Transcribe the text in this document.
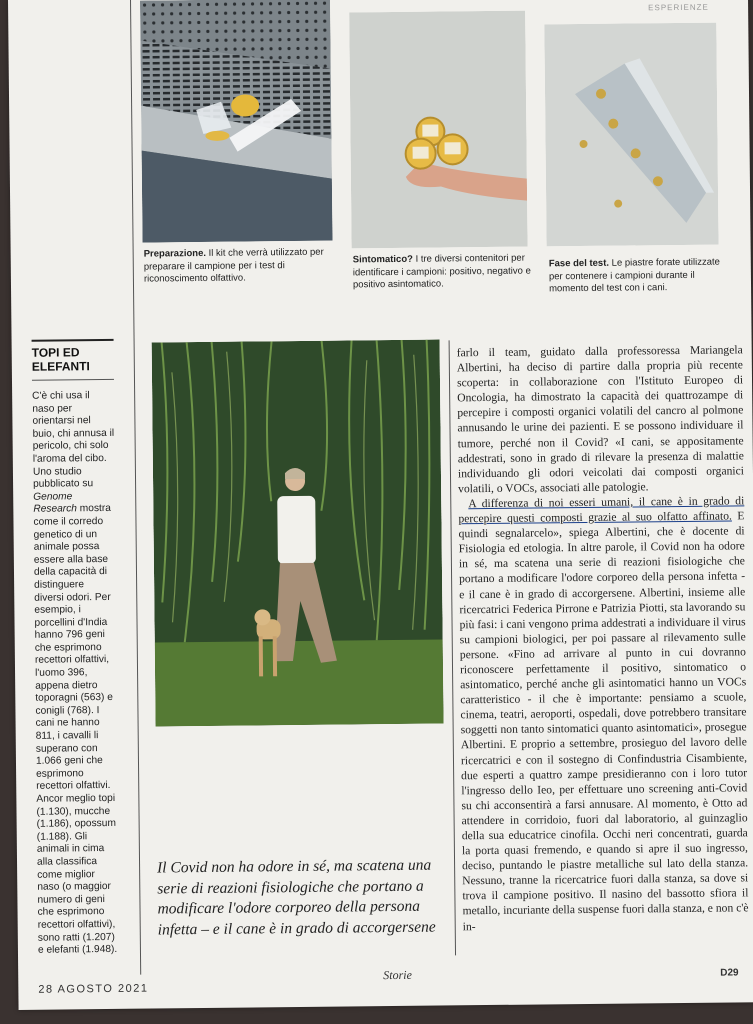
ESPERIENZE
Preparazione. Il kit che verrà utilizzato per preparare il campione per i test di riconoscimento olfattivo.
Sintomatico? I tre diversi contenitori per identificare i campioni: positivo, negativo e positivo asintomatico.
Fase del test. Le piastre forate utilizzate per contenere i campioni durante il momento del test con i cani.
TOPI ED ELEFANTI
C'è chi usa il naso per orientarsi nel buio, chi annusa il pericolo, chi solo l'aroma del cibo. Uno studio pubblicato su Genome Research mostra come il corredo genetico di un animale possa essere alla base della capacità di distinguere diversi odori. Per esempio, i porcellini d'India hanno 796 geni che esprimono recettori olfattivi, l'uomo 396, appena dietro toporagni (563) e conigli (768). I cani ne hanno 811, i cavalli li superano con 1.066 geni che esprimono recettori olfattivi. Ancor meglio topi (1.130), mucche (1.186), opossum (1.188). Gli animali in cima alla classifica come miglior naso (o maggior numero di geni che esprimono recettori olfattivi), sono ratti (1.207) e elefanti (1.948).

farlo il team, guidato dalla professoressa Mariangela Albertini, ha deciso di partire dalla propria più recente scoperta: in collaborazione con l'Istituto Europeo di Oncologia, ha dimostrato la capacità dei quattrozampe di percepire i composti organici volatili del cancro al polmone annusando le urine dei pazienti. E se possono individuare il tumore, perché non il Covid? «I cani, se appositamente addestrati, sono in grado di rilevare la presenza di malattie individuando gli odori veicolati dai composti organici volatili, o VOCs, associati alle patologie.

A differenza di noi esseri umani, il cane è in grado di percepire questi composti grazie al suo olfatto affinato. E quindi segnalarcelo», spiega Albertini, che è docente di Fisiologia ed etologia. In altre parole, il Covid non ha odore in sé, ma scatena una serie di reazioni fisiologiche che portano a modificare l'odore corporeo della persona infetta - e il cane è in grado di accorgersene. Albertini, insieme alle ricercatrici Federica Pirrone e Patrizia Piotti, sta lavorando su più fasi: i cani vengono prima addestrati a individuare il virus su campioni biologici, per poi passare al rilevamento sulle persone. «Fino ad arrivare al punto in cui dovranno riconoscere perfettamente il positivo, sintomatico o asintomatico, perché anche gli asintomatici hanno un VOCs caratteristico - il che è importante: pensiamo a scuole, cinema, teatri, aeroporti, ospedali, dove potrebbero transitare soggetti non tanto sintomatici quanto asintomatici», prosegue Albertini. E proprio a settembre, prosieguo del lavoro delle ricercatrici e con il sostegno di Confindustria Cisambiente, due esperti a quattro zampe presidieranno con i loro tutor l'ingresso dello Ieo, per effettuare uno screening anti-Covid su chi acconsentirà a farsi annusare. Al momento, è Otto ad attendere in corridoio, fuori dal laboratorio, al guinzaglio della sua educatrice cinofila. Occhi neri concentrati, guarda la porta quasi fremendo, e quando si apre il suo ingresso, deciso, puntando le piastre metalliche sul lato della stanza. Nessuno, tranne la ricercatrice fuori dalla stanza, sa dove si trova il campione positivo. Il nasino del bassotto sfiora il metallo, incuriante della suspense fuori dalla stanza, e non c'è in-

Il Covid non ha odore in sé, ma scatena una serie di reazioni fisiologiche che portano a modificare l'odore corporeo della persona infetta – e il cane è in grado di accorgersene
28 AGOSTO 2021
Storie	D29
